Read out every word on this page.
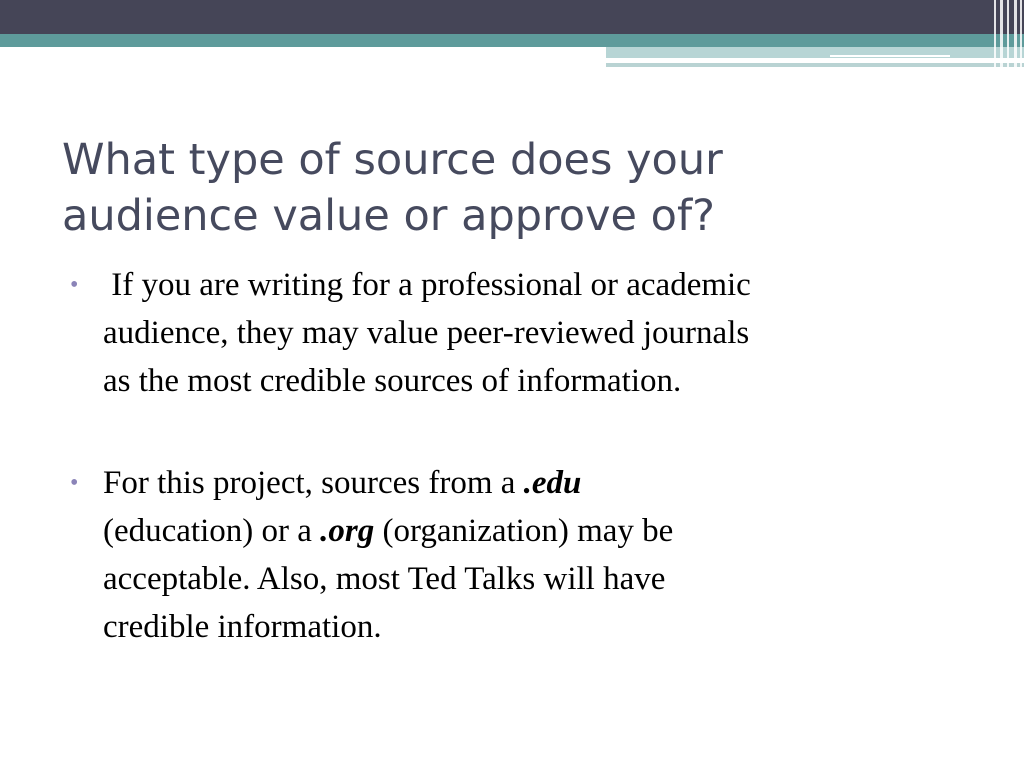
What type of source does your
audience value or approve of?
• If you are writing for a professional or academic
audience, they may value peer-reviewed journals
as the most credible sources of information.
• For this project, sources from a .edu
(education) or a .org (organization) may be
acceptable. Also, most Ted Talks will have
credible information.
